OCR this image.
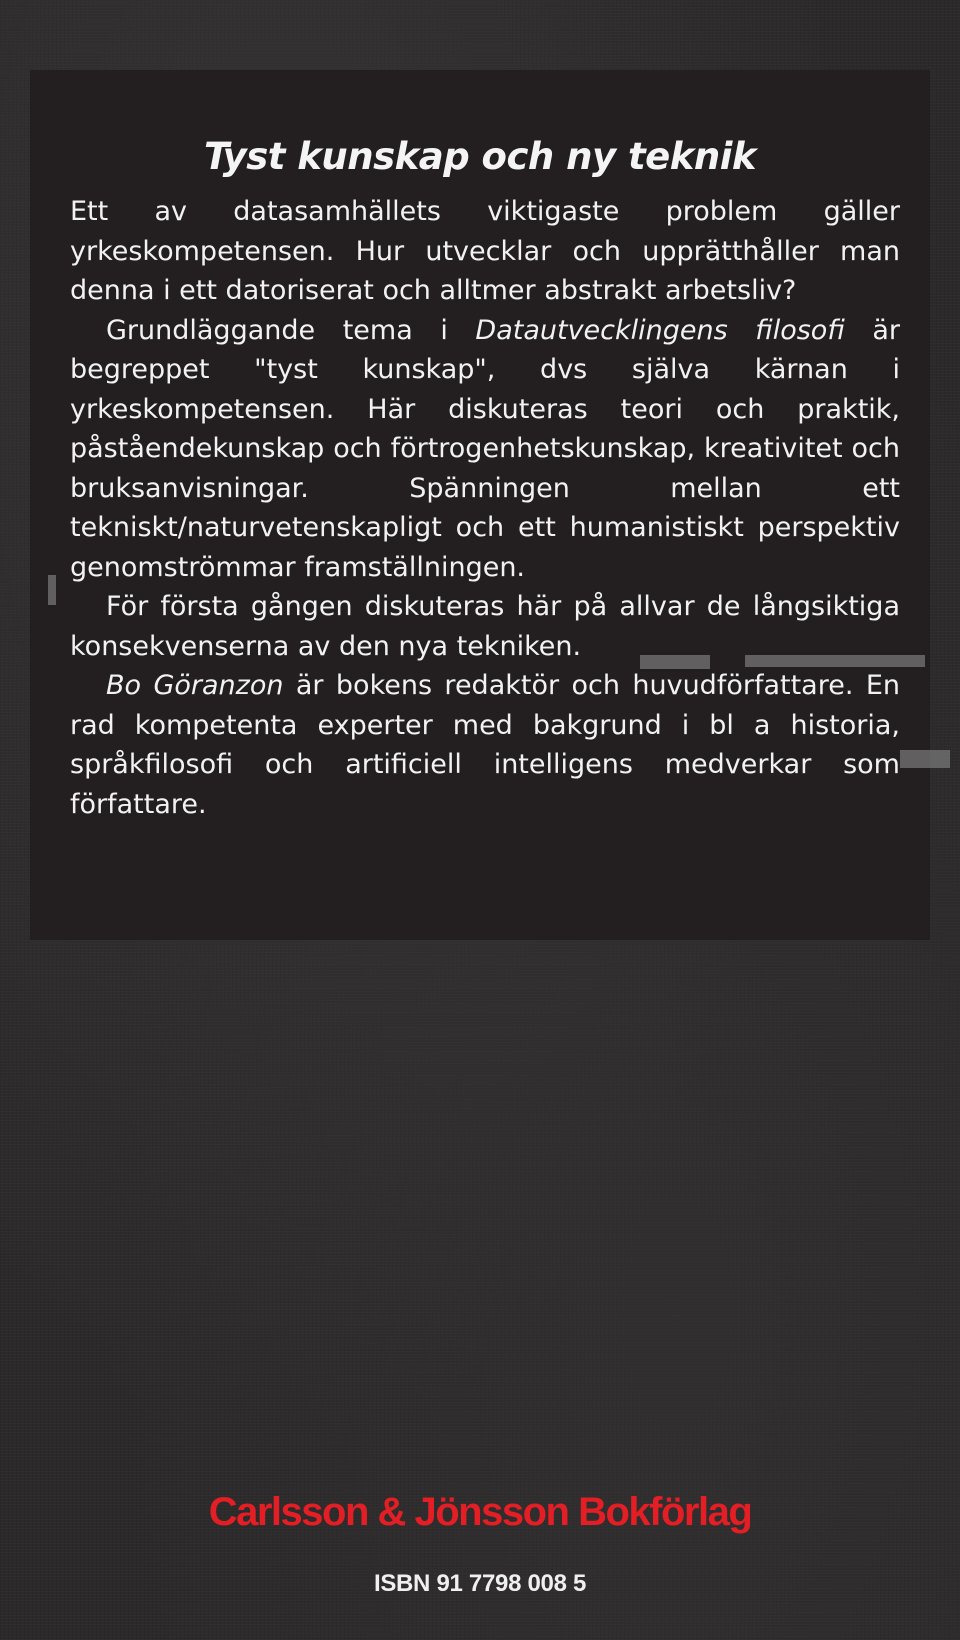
Tyst kunskap och ny teknik

Ett av datasamhällets viktigaste problem gäller yrkeskompetensen. Hur utvecklar och upprätthåller man denna i ett datoriserat och alltmer abstrakt arbetsliv?

Grundläggande tema i Datautvecklingens filosofi är begreppet "tyst kunskap", dvs själva kärnan i yrkeskompetensen. Här diskuteras teori och praktik, påståendekunskap och förtrogenhetskunskap, kreativitet och bruksanvisningar. Spänningen mellan ett tekniskt/naturvetenskapligt och ett humanistiskt perspektiv genomströmmar framställningen.

För första gången diskuteras här på allvar de långsiktiga konsekvenserna av den nya tekniken.

Bo Göranzon är bokens redaktör och huvudförfattare. En rad kompetenta experter med bakgrund i bl a historia, språkfilosofi och artificiell intelligens medverkar som författare.

Carlsson & Jönsson Bokförlag
ISBN 91 7798 008 5
